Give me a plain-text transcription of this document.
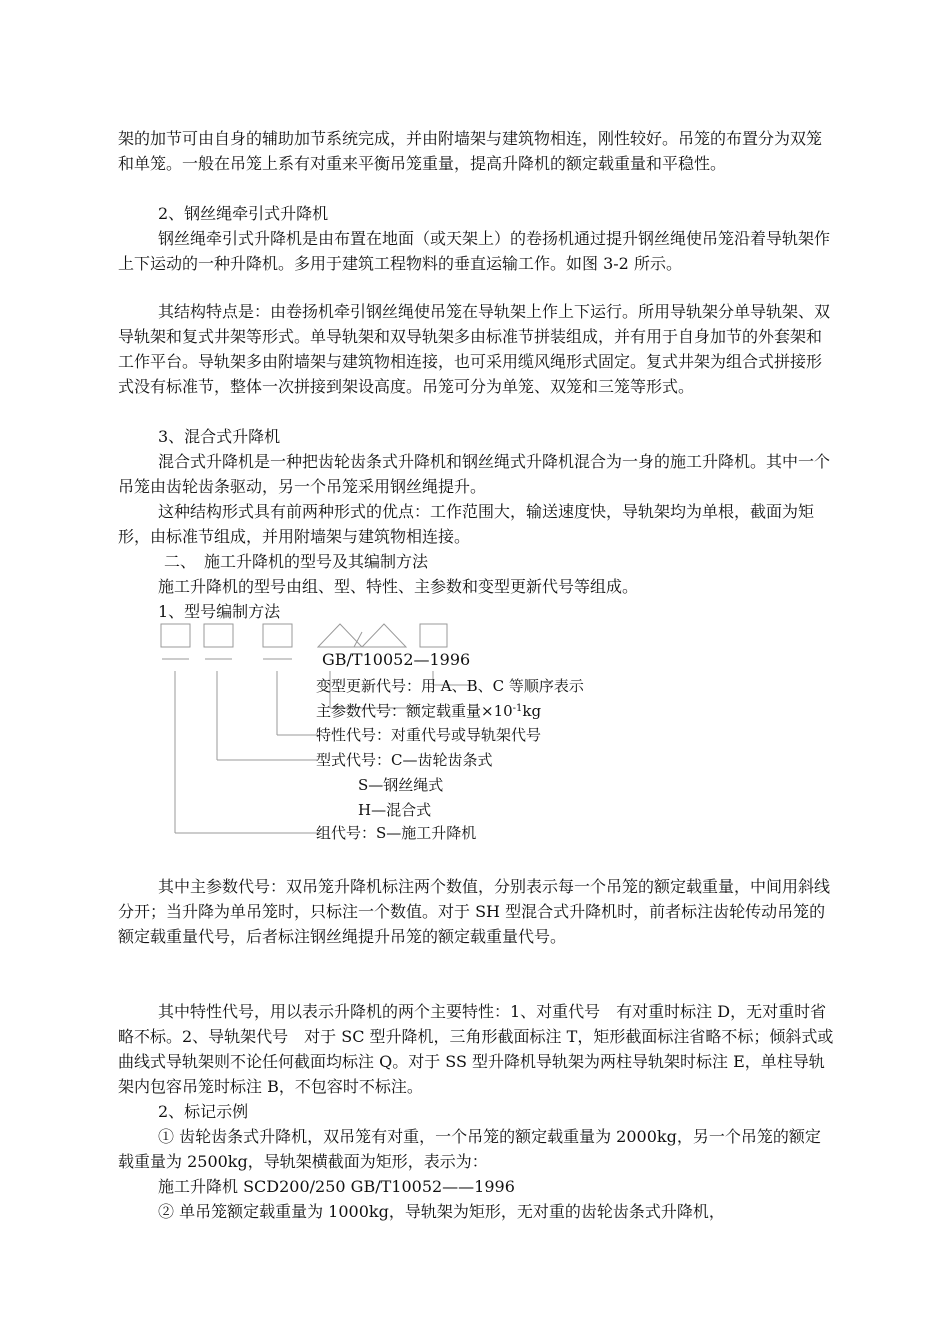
架的加节可由自身的辅助加节系统完成，并由附墙架与建筑物相连，刚性较好。吊笼的布置分为双笼和单笼。一般在吊笼上系有对重来平衡吊笼重量，提高升降机的额定载重量和平稳性。

2、钢丝绳牵引式升降机

钢丝绳牵引式升降机是由布置在地面（或天架上）的卷扬机通过提升钢丝绳使吊笼沿着导轨架作上下运动的一种升降机。多用于建筑工程物料的垂直运输工作。如图 3-2 所示。

其结构特点是：由卷扬机牵引钢丝绳使吊笼在导轨架上作上下运行。所用导轨架分单导轨架、双导轨架和复式井架等形式。单导轨架和双导轨架多由标准节拼装组成，并有用于自身加节的外套架和工作平台。导轨架多由附墙架与建筑物相连接，也可采用缆风绳形式固定。复式井架为组合式拼接形式没有标准节，整体一次拼接到架设高度。吊笼可分为单笼、双笼和三笼等形式。

3、混合式升降机

混合式升降机是一种把齿轮齿条式升降机和钢丝绳式升降机混合为一身的施工升降机。其中一个吊笼由齿轮齿条驱动，另一个吊笼采用钢丝绳提升。

这种结构形式具有前两种形式的优点：工作范围大，输送速度快，导轨架均为单根，截面为矩形，由标准节组成，并用附墙架与建筑物相连接。

二、　施工升降机的型号及其编制方法

施工升降机的型号由组、型、特性、主参数和变型更新代号等组成。

1、型号编制方法

GB/T10052—1996
变型更新代号：用 A、B、C 等顺序表示
主参数代号：额定载重量$\times 10^{-1}kg$
特性代号：对重代号或导轨架代号
型式代号：C—齿轮齿条式
S—钢丝绳式
H—混合式
组代号：S—施工升降机

其中主参数代号：双吊笼升降机标注两个数值，分别表示每一个吊笼的额定载重量，中间用斜线分开；当升降为单吊笼时，只标注一个数值。对于 SH 型混合式升降机时，前者标注齿轮传动吊笼的额定载重量代号，后者标注钢丝绳提升吊笼的额定载重量代号。

其中特性代号，用以表示升降机的两个主要特性：1、对重代号　有对重时标注 D，无对重时省略不标。2、导轨架代号　对于 SC 型升降机，三角形截面标注 T，矩形截面标注省略不标；倾斜式或曲线式导轨架则不论任何截面均标注 Q。对于 SS 型升降机导轨架为两柱导轨架时标注 E，单柱导轨架内包容吊笼时标注 B，不包容时不标注。

2、标记示例

① 齿轮齿条式升降机，双吊笼有对重，一个吊笼的额定载重量为 2000kg，另一个吊笼的额定载重量为 2500kg，导轨架横截面为矩形，表示为：

施工升降机 SCD200/250 GB/T10052——1996

② 单吊笼额定载重量为 1000kg，导轨架为矩形，无对重的齿轮齿条式升降机，
